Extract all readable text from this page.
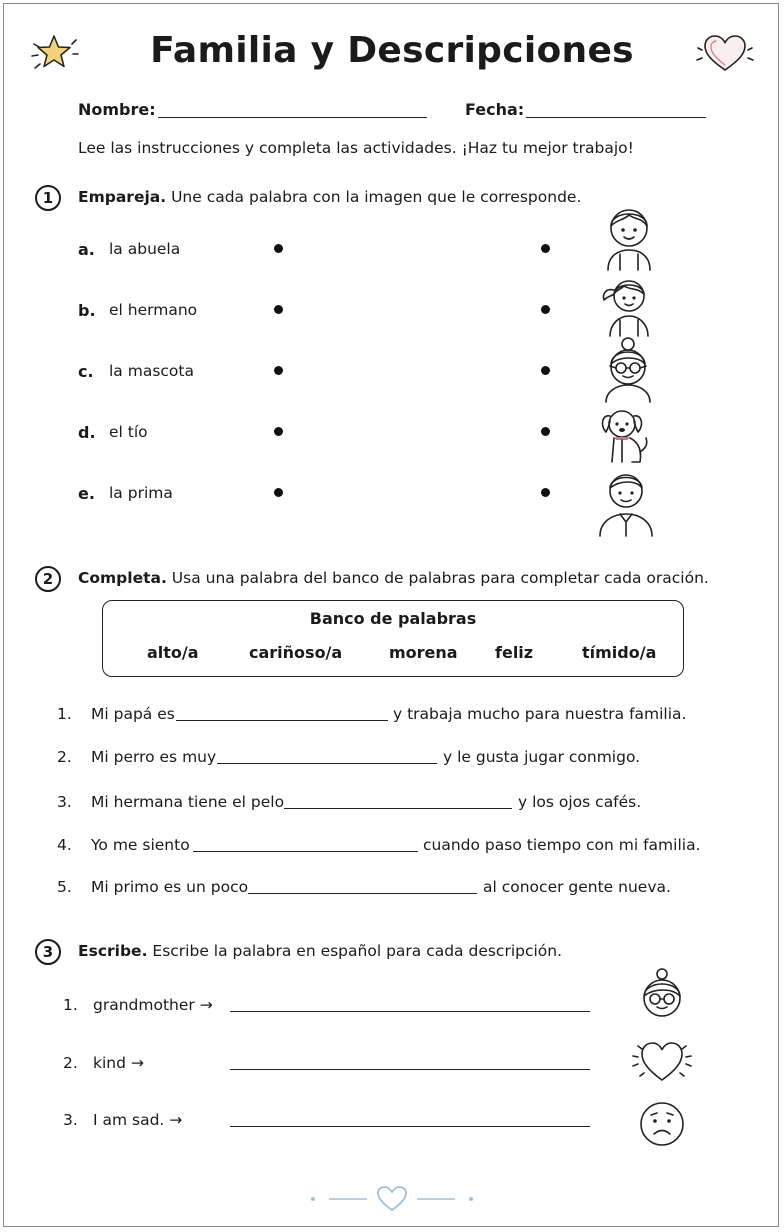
Familia y Descripciones
Nombre:	Fecha:
Lee las instrucciones y completa las actividades. ¡Haz tu mejor trabajo!
1	Empareja. Une cada palabra con la imagen que le corresponde.
a. la abuela
b. el hermano
c. la mascota
d. el tío
e. la prima
2	Completa. Usa una palabra del banco de palabras para completar cada oración.
Banco de palabras
alto/a	cariñoso/a	morena feliz	tímido/a
1. Mi papá es	y trabaja mucho para nuestra familia.
2. Mi perro es muy	y le gusta jugar conmigo.
3. Mi hermana tiene el pelo	y los ojos cafés.
4. Yo me siento	cuando paso tiempo con mi familia.
5. Mi primo es un poco	al conocer gente nueva.
3	Escribe. Escribe la palabra en español para cada descripción.
1. grandmother →
2. kind →
3. I am sad. →
